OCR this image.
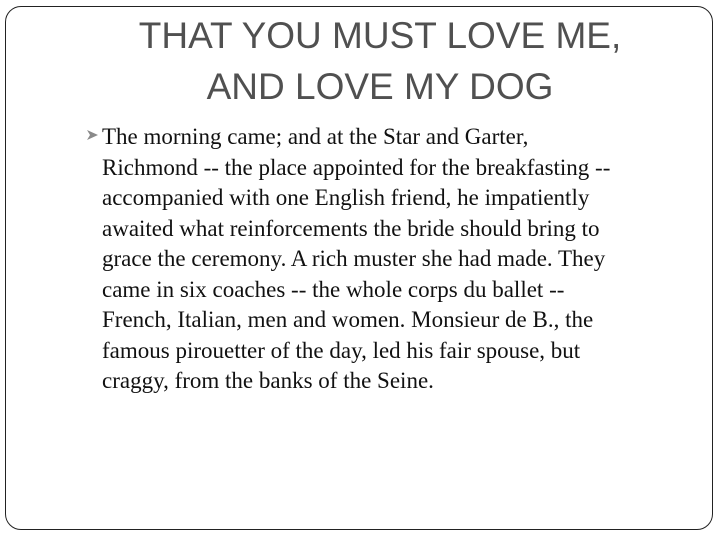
THAT YOU MUST LOVE ME,
AND LOVE MY DOG

The morning came; and at the Star and Garter,

Richmond -- the place appointed for the breakfasting --

accompanied with one English friend, he impatiently

awaited what reinforcements the bride should bring to

grace the ceremony. A rich muster she had made. They

came in six coaches -- the whole corps du ballet --

French, Italian, men and women. Monsieur de B., the

famous pirouetter of the day, led his fair spouse, but

craggy, from the banks of the Seine.
